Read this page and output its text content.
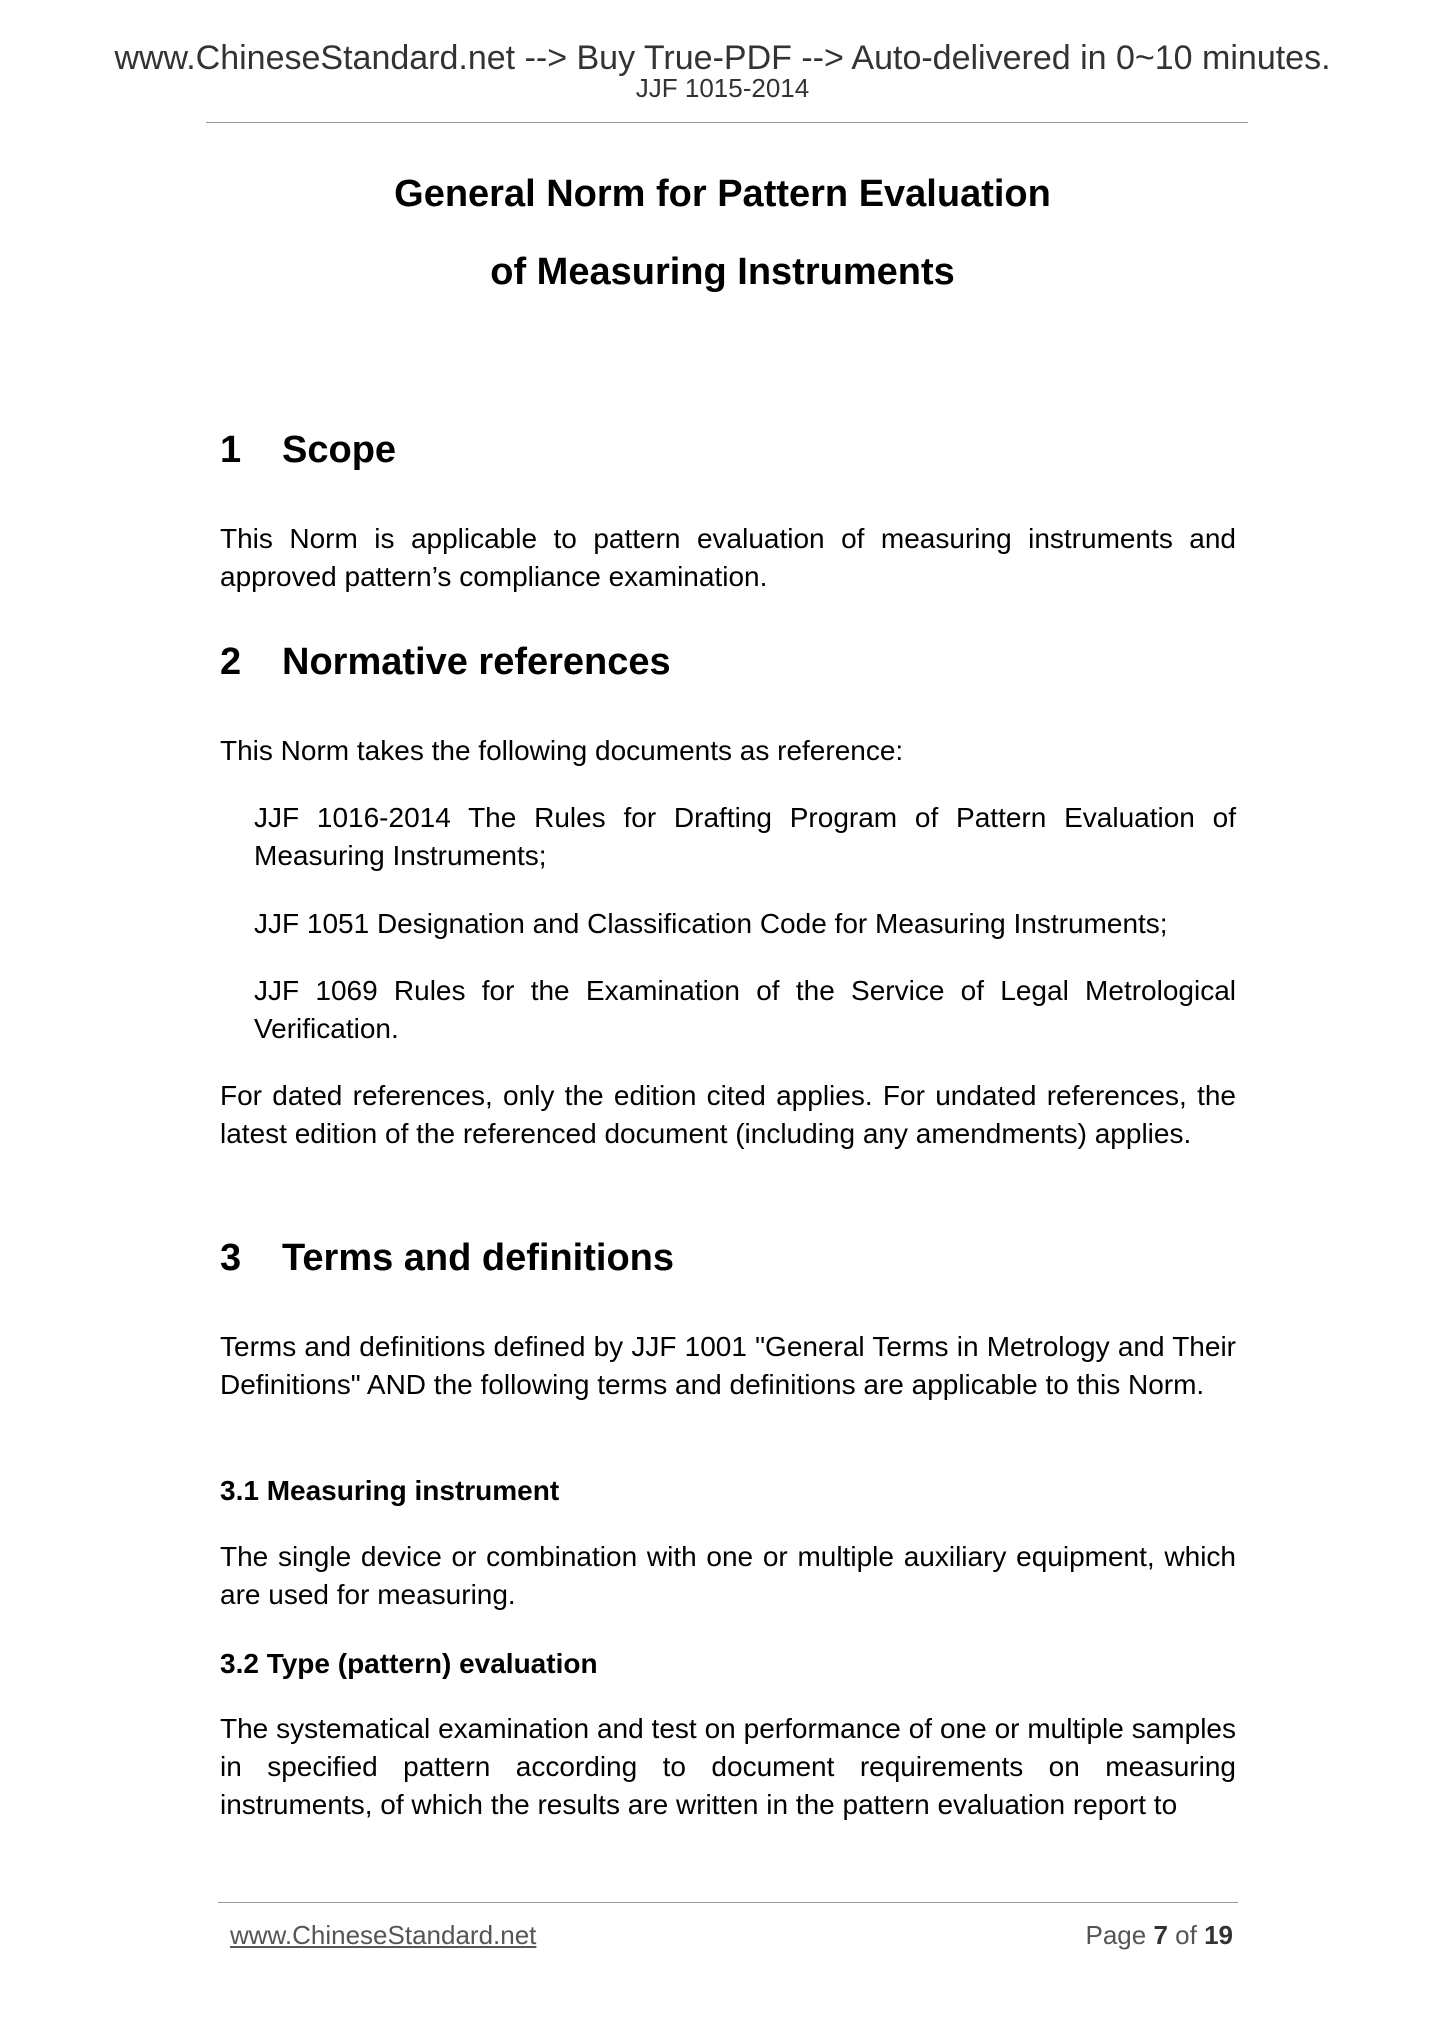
www.ChineseStandard.net --> Buy True-PDF --> Auto-delivered in 0~10 minutes.
JJF 1015-2014
General Norm for Pattern Evaluation
of Measuring Instruments
1 Scope
This Norm is applicable to pattern evaluation of measuring instruments and approved pattern’s compliance examination.
2 Normative references
This Norm takes the following documents as reference:
JJF 1016-2014 The Rules for Drafting Program of Pattern Evaluation of Measuring Instruments;
JJF 1051 Designation and Classification Code for Measuring Instruments;
JJF 1069 Rules for the Examination of the Service of Legal Metrological Verification.
For dated references, only the edition cited applies. For undated references, the latest edition of the referenced document (including any amendments) applies.
3 Terms and definitions
Terms and definitions defined by JJF 1001 "General Terms in Metrology and Their Definitions" AND the following terms and definitions are applicable to this Norm.
3.1 Measuring instrument
The single device or combination with one or multiple auxiliary equipment, which are used for measuring.
3.2 Type (pattern) evaluation
The systematical examination and test on performance of one or multiple samples in specified pattern according to document requirements on measuring instruments, of which the results are written in the pattern evaluation report to
www.ChineseStandard.net	Page 7 of 19
